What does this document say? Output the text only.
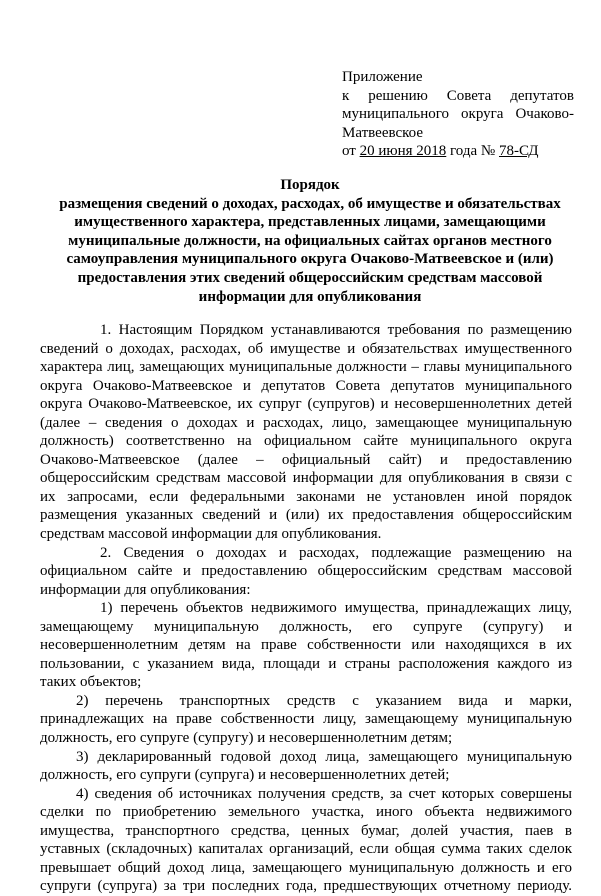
Приложение
к решению Совета депутатов
муниципального округа Очаково-
Матвеевское
от 20 июня 2018 года № 78-СД
Порядок
размещения сведений о доходах, расходах, об имуществе и обязательствах
имущественного характера, представленных лицами, замещающими
муниципальные должности, на официальных сайтах органов местного
самоуправления муниципального округа Очаково-Матвеевское и (или)
предоставления этих сведений общероссийским средствам массовой
информации для опубликования
1. Настоящим Порядком устанавливаются требования по размещению
сведений о доходах, расходах, об имуществе и обязательствах имущественного
характера лиц, замещающих муниципальные должности – главы муниципального
округа Очаково-Матвеевское и депутатов Совета депутатов муниципального
округа Очаково-Матвеевское, их супруг (супругов) и несовершеннолетних детей
(далее – сведения о доходах и расходах, лицо, замещающее муниципальную
должность) соответственно на официальном сайте муниципального округа
Очаково-Матвеевское (далее – официальный сайт) и предоставлению
общероссийским средствам массовой информации для опубликования в связи с
их запросами, если федеральными законами не установлен иной порядок
размещения указанных сведений и (или) их предоставления общероссийским
средствам массовой информации для опубликования.
2. Сведения о доходах и расходах, подлежащие размещению на
официальном сайте и предоставлению общероссийским средствам массовой
информации для опубликования:
1) перечень объектов недвижимого имущества, принадлежащих лицу,
замещающему муниципальную должность, его супруге (супругу) и
несовершеннолетним детям на праве собственности или находящихся в их
пользовании, с указанием вида, площади и страны расположения каждого из
таких объектов;
2) перечень транспортных средств с указанием вида и марки,
принадлежащих на праве собственности лицу, замещающему муниципальную
должность, его супруге (супругу) и несовершеннолетним детям;
3) декларированный годовой доход лица, замещающего муниципальную
должность, его супруги (супруга) и несовершеннолетних детей;
4) сведения об источниках получения средств, за счет которых совершены
сделки по приобретению земельного участка, иного объекта недвижимого
имущества, транспортного средства, ценных бумаг, долей участия, паев в
уставных (складочных) капиталах организаций, если общая сумма таких сделок
превышает общий доход лица, замещающего муниципальную должность и его
супруги (супруга) за три последних года, предшествующих отчетному периоду.
